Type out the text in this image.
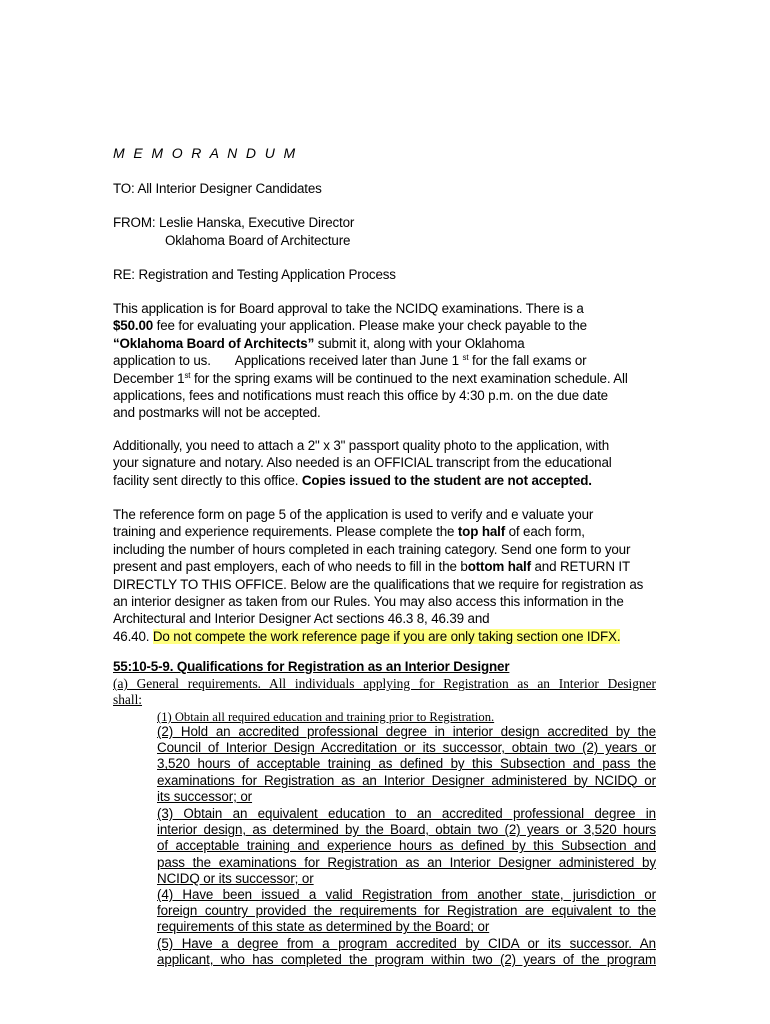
M E M O R A N D U M
TO: All Interior Designer Candidates
FROM: Leslie Hanska, Executive Director
Oklahoma Board of Architecture
RE: Registration and Testing Application Process
This application is for Board approval to take the NCIDQ examinations. There is a
$50.00 fee for evaluating your application. Please make your check payable to the
“Oklahoma Board of Architects” submit it, along with your Oklahoma
application to us. Applications received later than June 1 $^{st}$ for the fall exams or
December 1st for the spring exams will be continued to the next examination schedule. All
applications, fees and notifications must reach this office by 4:30 p.m. on the due date
and postmarks will not be accepted.
Additionally, you need to attach a 2" x 3" passport quality photo to the application, with
your signature and notary. Also needed is an OFFICIAL transcript from the educational
facility sent directly to this office. Copies issued to the student are not accepted.
The reference form on page 5 of the application is used to verify and e valuate your
training and experience requirements. Please complete the top half of each form,
including the number of hours completed in each training category. Send one form to your
present and past employers, each of who needs to fill in the bottom half and RETURN IT
DIRECTLY TO THIS OFFICE. Below are the qualifications that we require for registration as
an interior designer as taken from our Rules. You may also access this information in the
Architectural and Interior Designer Act sections 46.3 8, 46.39 and
46.40. Do not compete the work reference page if you are only taking section one IDFX.
55:10-5-9. Qualifications for Registration as an Interior Designer
(a) General requirements. All individuals applying for Registration as an Interior Designer
shall:
(1) Obtain all required education and training prior to Registration.
(2) Hold an accredited professional degree in interior design accredited by the
Council of Interior Design Accreditation or its successor, obtain two (2) years or
3,520 hours of acceptable training as defined by this Subsection and pass the
examinations for Registration as an Interior Designer administered by NCIDQ or
its successor; or
(3) Obtain an equivalent education to an accredited professional degree in
interior design, as determined by the Board, obtain two (2) years or 3,520 hours
of acceptable training and experience hours as defined by this Subsection and
pass the examinations for Registration as an Interior Designer administered by
NCIDQ or its successor; or
(4) Have been issued a valid Registration from another state, jurisdiction or
foreign country provided the requirements for Registration are equivalent to the
requirements of this state as determined by the Board; or
(5) Have a degree from a program accredited by CIDA or its successor. An
applicant, who has completed the program within two (2) years of the program
